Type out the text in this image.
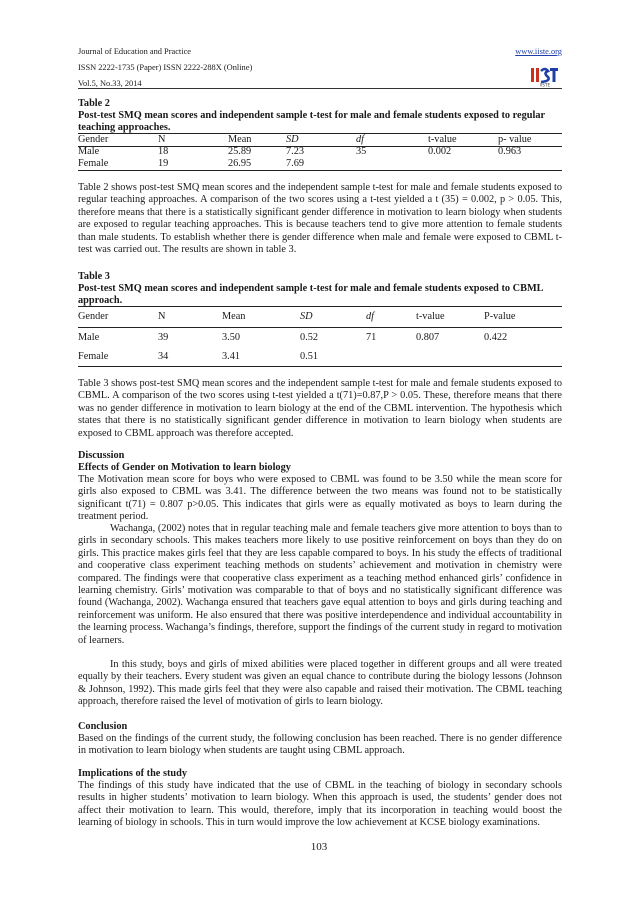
Journal of Education and Practice
ISSN 2222-1735 (Paper) ISSN 2222-288X (Online)
Vol.5, No.33, 2014
www.iiste.org
IISTE
Table 2
Post-test SMQ mean scores and independent sample t-test for male and female students exposed to regular teaching approaches.
Gender	N	Mean	SD	df	t-value	p- value
Male	18	25.89	7.23	35	0.002	0.963
Female	19	26.95	7.69
Table 2 shows post-test SMQ mean scores and the independent sample t-test for male and female students exposed to regular teaching approaches. A comparison of the two scores using a t-test yielded a t (35) = 0.002, p > 0.05. This, therefore means that there is a statistically significant gender difference in motivation to learn biology when students are exposed to regular teaching approaches. This is because teachers tend to give more attention to female students than male students. To establish whether there is gender difference when male and female were exposed to CBML t-test was carried out. The results are shown in table 3.
Table 3
Post-test SMQ mean scores and independent sample t-test for male and female students exposed to CBML approach.
Gender	N	Mean	SD	df	t-value	P-value
Male	39	3.50	0.52	71	0.807	0.422
Female	34	3.41	0.51
Table 3 shows post-test SMQ mean scores and the independent sample t-test for male and female students exposed to CBML. A comparison of the two scores using t-test yielded a t(71)=0.87,P > 0.05. These, therefore means that there was no gender difference in motivation to learn biology at the end of the CBML intervention. The hypothesis which states that there is no statistically significant gender difference in motivation to learn biology when students are exposed to CBML approach was therefore accepted.
Discussion
Effects of Gender on Motivation to learn biology
The Motivation mean score for boys who were exposed to CBML was found to be 3.50 while the mean score for girls also exposed to CBML was 3.41. The difference between the two means was found not to be statistically significant t(71) = 0.807 p>0.05. This indicates that girls were as equally motivated as boys to learn during the treatment period.
Wachanga, (2002) notes that in regular teaching male and female teachers give more attention to boys than to girls in secondary schools. This makes teachers more likely to use positive reinforcement on boys than they do on girls. This practice makes girls feel that they are less capable compared to boys. In his study the effects of traditional and cooperative class experiment teaching methods on students’ achievement and motivation in chemistry were compared. The findings were that cooperative class experiment as a teaching method enhanced girls’ confidence in learning chemistry. Girls’ motivation was comparable to that of boys and no statistically significant difference was found (Wachanga, 2002). Wachanga ensured that teachers gave equal attention to boys and girls during teaching and reinforcement was uniform. He also ensured that there was positive interdependence and individual accountability in the learning process. Wachanga’s findings, therefore, support the findings of the current study in regard to motivation of learners.
In this study, boys and girls of mixed abilities were placed together in different groups and all were treated equally by their teachers. Every student was given an equal chance to contribute during the biology lessons (Johnson & Johnson, 1992). This made girls feel that they were also capable and raised their motivation. The CBML teaching approach, therefore raised the level of motivation of girls to learn biology.
Conclusion
Based on the findings of the current study, the following conclusion has been reached. There is no gender difference in motivation to learn biology when students are taught using CBML approach.
Implications of the study
The findings of this study have indicated that the use of CBML in the teaching of biology in secondary schools results in higher students’ motivation to learn biology. When this approach is used, the students’ gender does not affect their motivation to learn. This would, therefore, imply that its incorporation in teaching would boost the learning of biology in schools. This in turn would improve the low achievement at KCSE biology examinations.
103
